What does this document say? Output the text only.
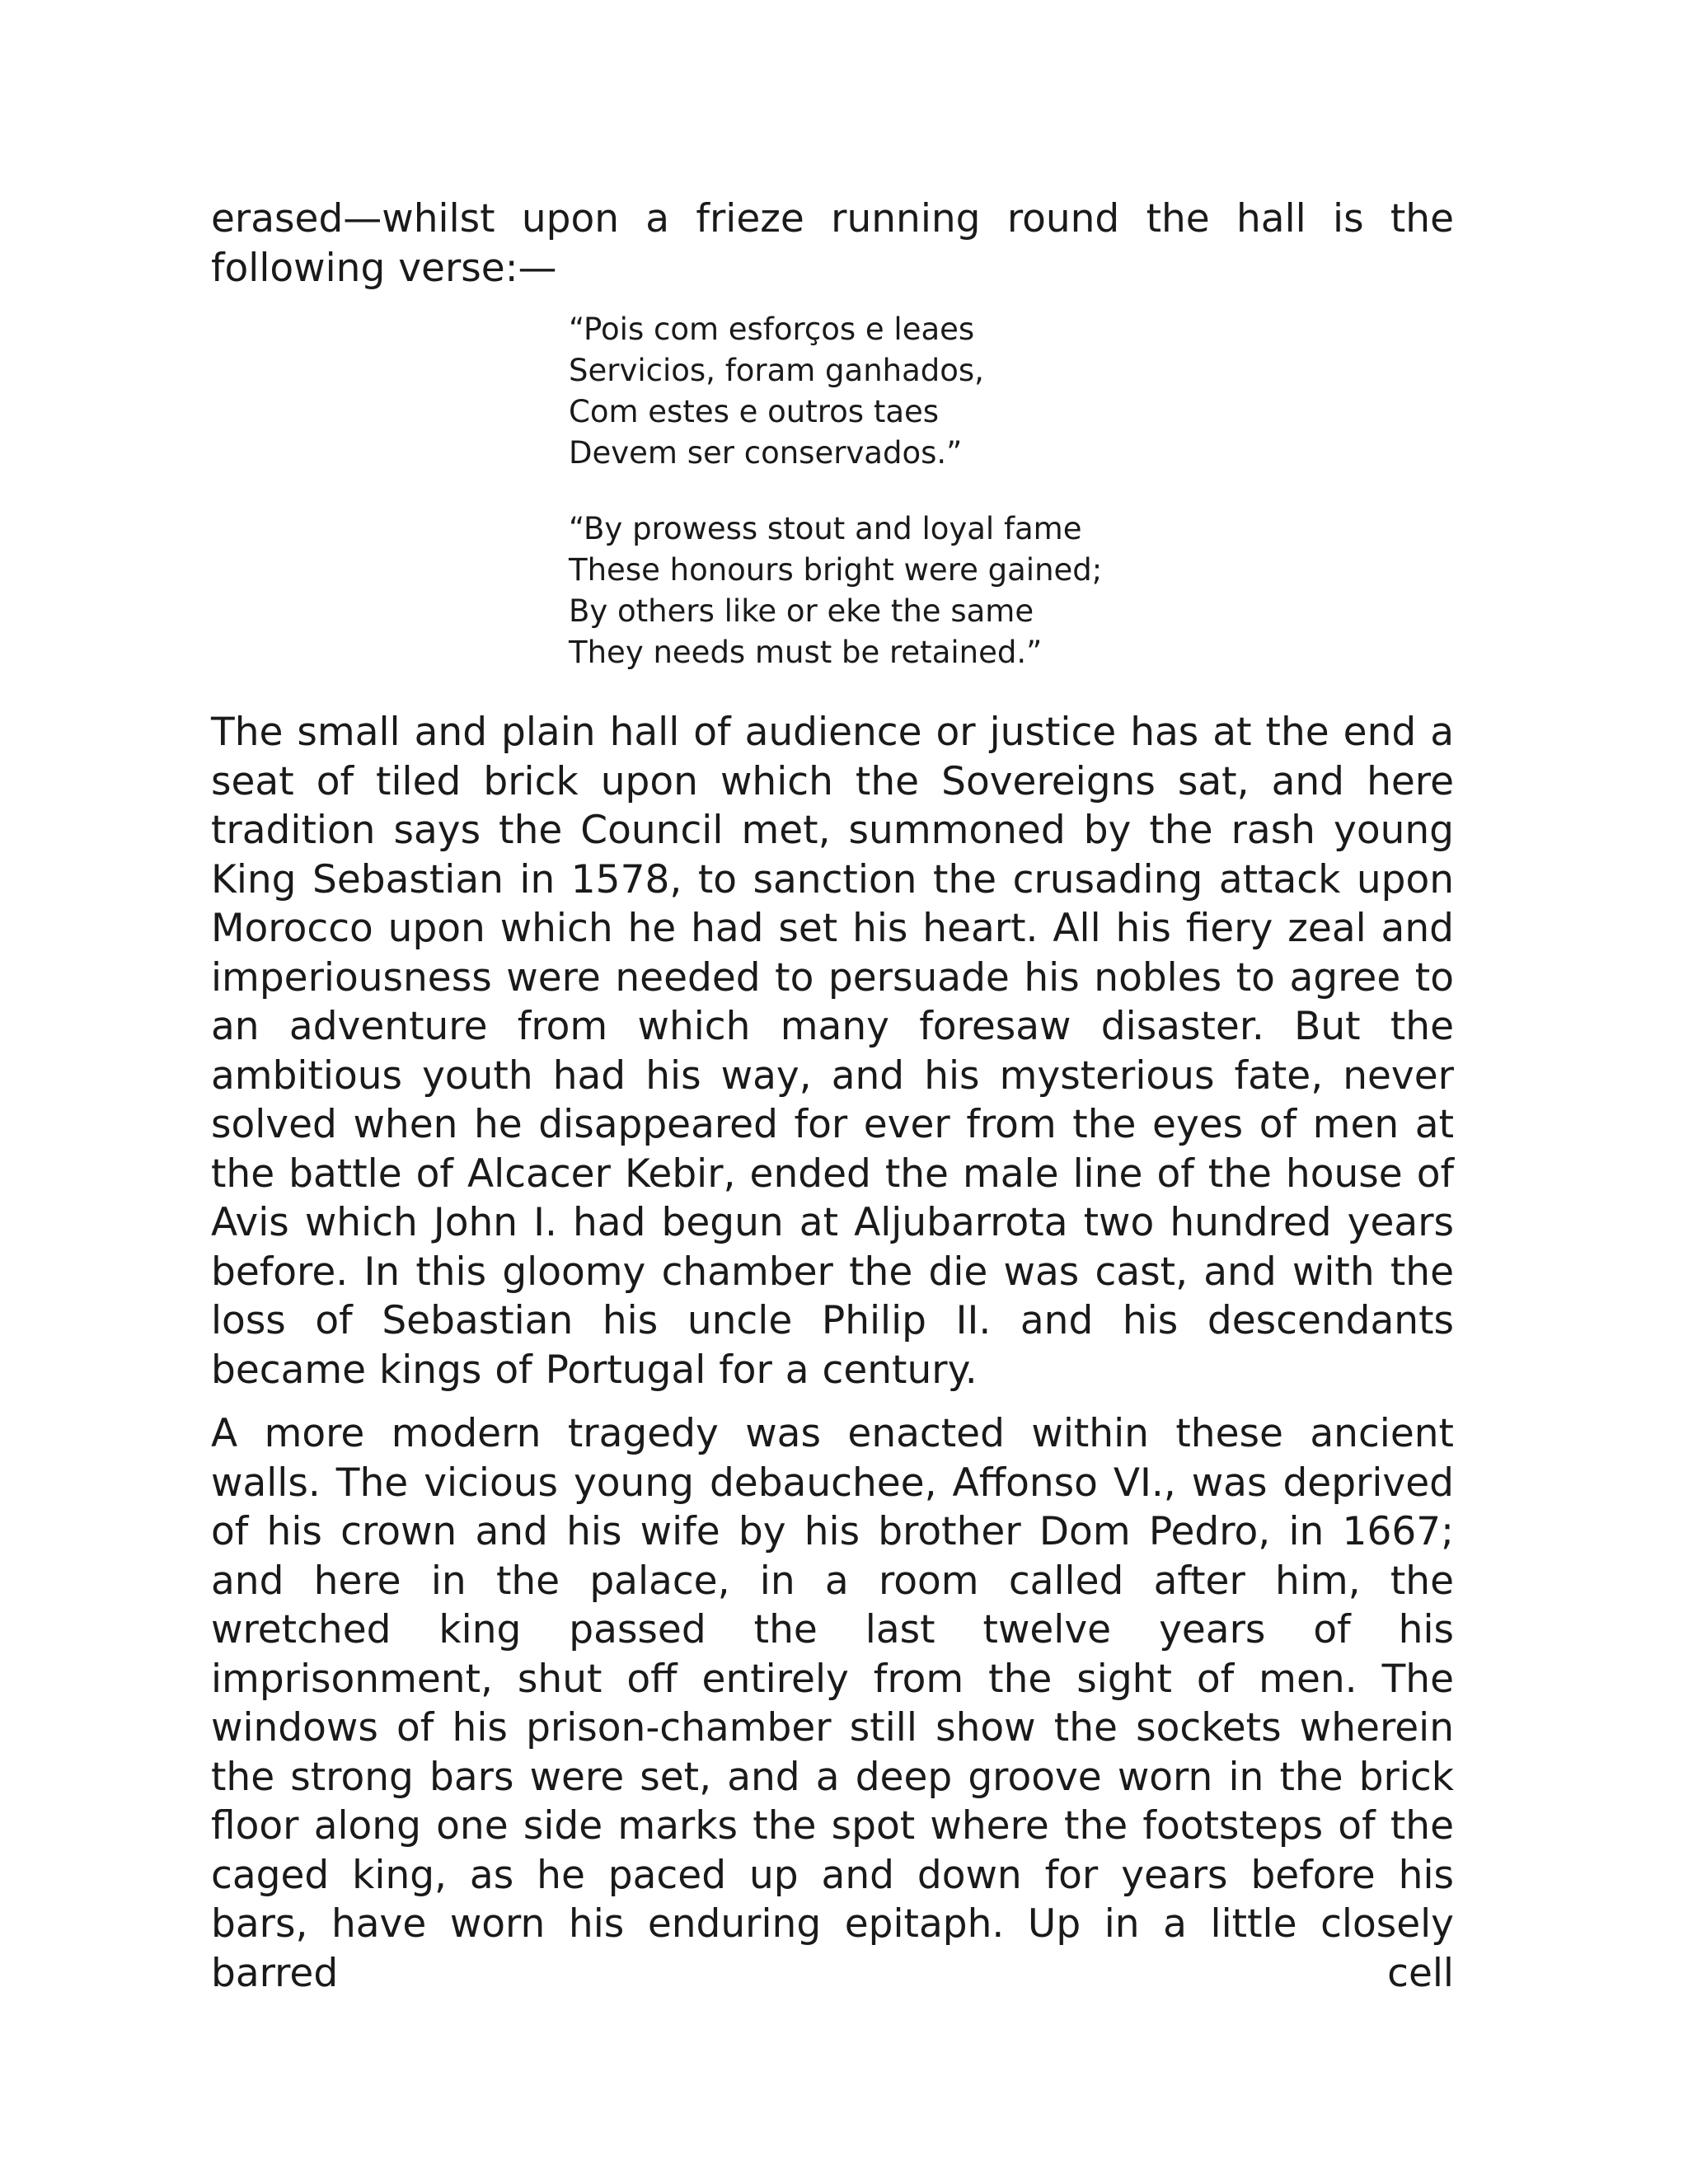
erased—whilst upon a frieze running round the hall is the following verse:—

“Pois com esforços e leaes
Servicios, foram ganhados,
Com estes e outros taes
Devem ser conservados.”
“By prowess stout and loyal fame
These honours bright were gained;
By others like or eke the same
They needs must be retained.”

The small and plain hall of audience or justice has at the end a seat of tiled brick upon which the Sovereigns sat, and here tradition says the Council met, summoned by the rash young King Sebastian in 1578, to sanction the crusading attack upon Morocco upon which he had set his heart. All his fiery zeal and imperiousness were needed to persuade his nobles to agree to an adventure from which many foresaw disaster. But the ambitious youth had his way, and his mysterious fate, never solved when he disappeared for ever from the eyes of men at the battle of Alcacer Kebir, ended the male line of the house of Avis which John I. had begun at Aljubarrota two hundred years before. In this gloomy chamber the die was cast, and with the loss of Sebastian his uncle Philip II. and his descendants became kings of Portugal for a century.

A more modern tragedy was enacted within these ancient walls. The vicious young debauchee, Affonso VI., was deprived of his crown and his wife by his brother Dom Pedro, in 1667; and here in the palace, in a room called after him, the wretched king passed the last twelve years of his imprisonment, shut off entirely from the sight of men. The windows of his prison-chamber still show the sockets wherein the strong bars were set, and a deep groove worn in the brick floor along one side marks the spot where the footsteps of the caged king, as he paced up and down for years before his bars, have worn his enduring epitaph. Up in a little closely barred cell
